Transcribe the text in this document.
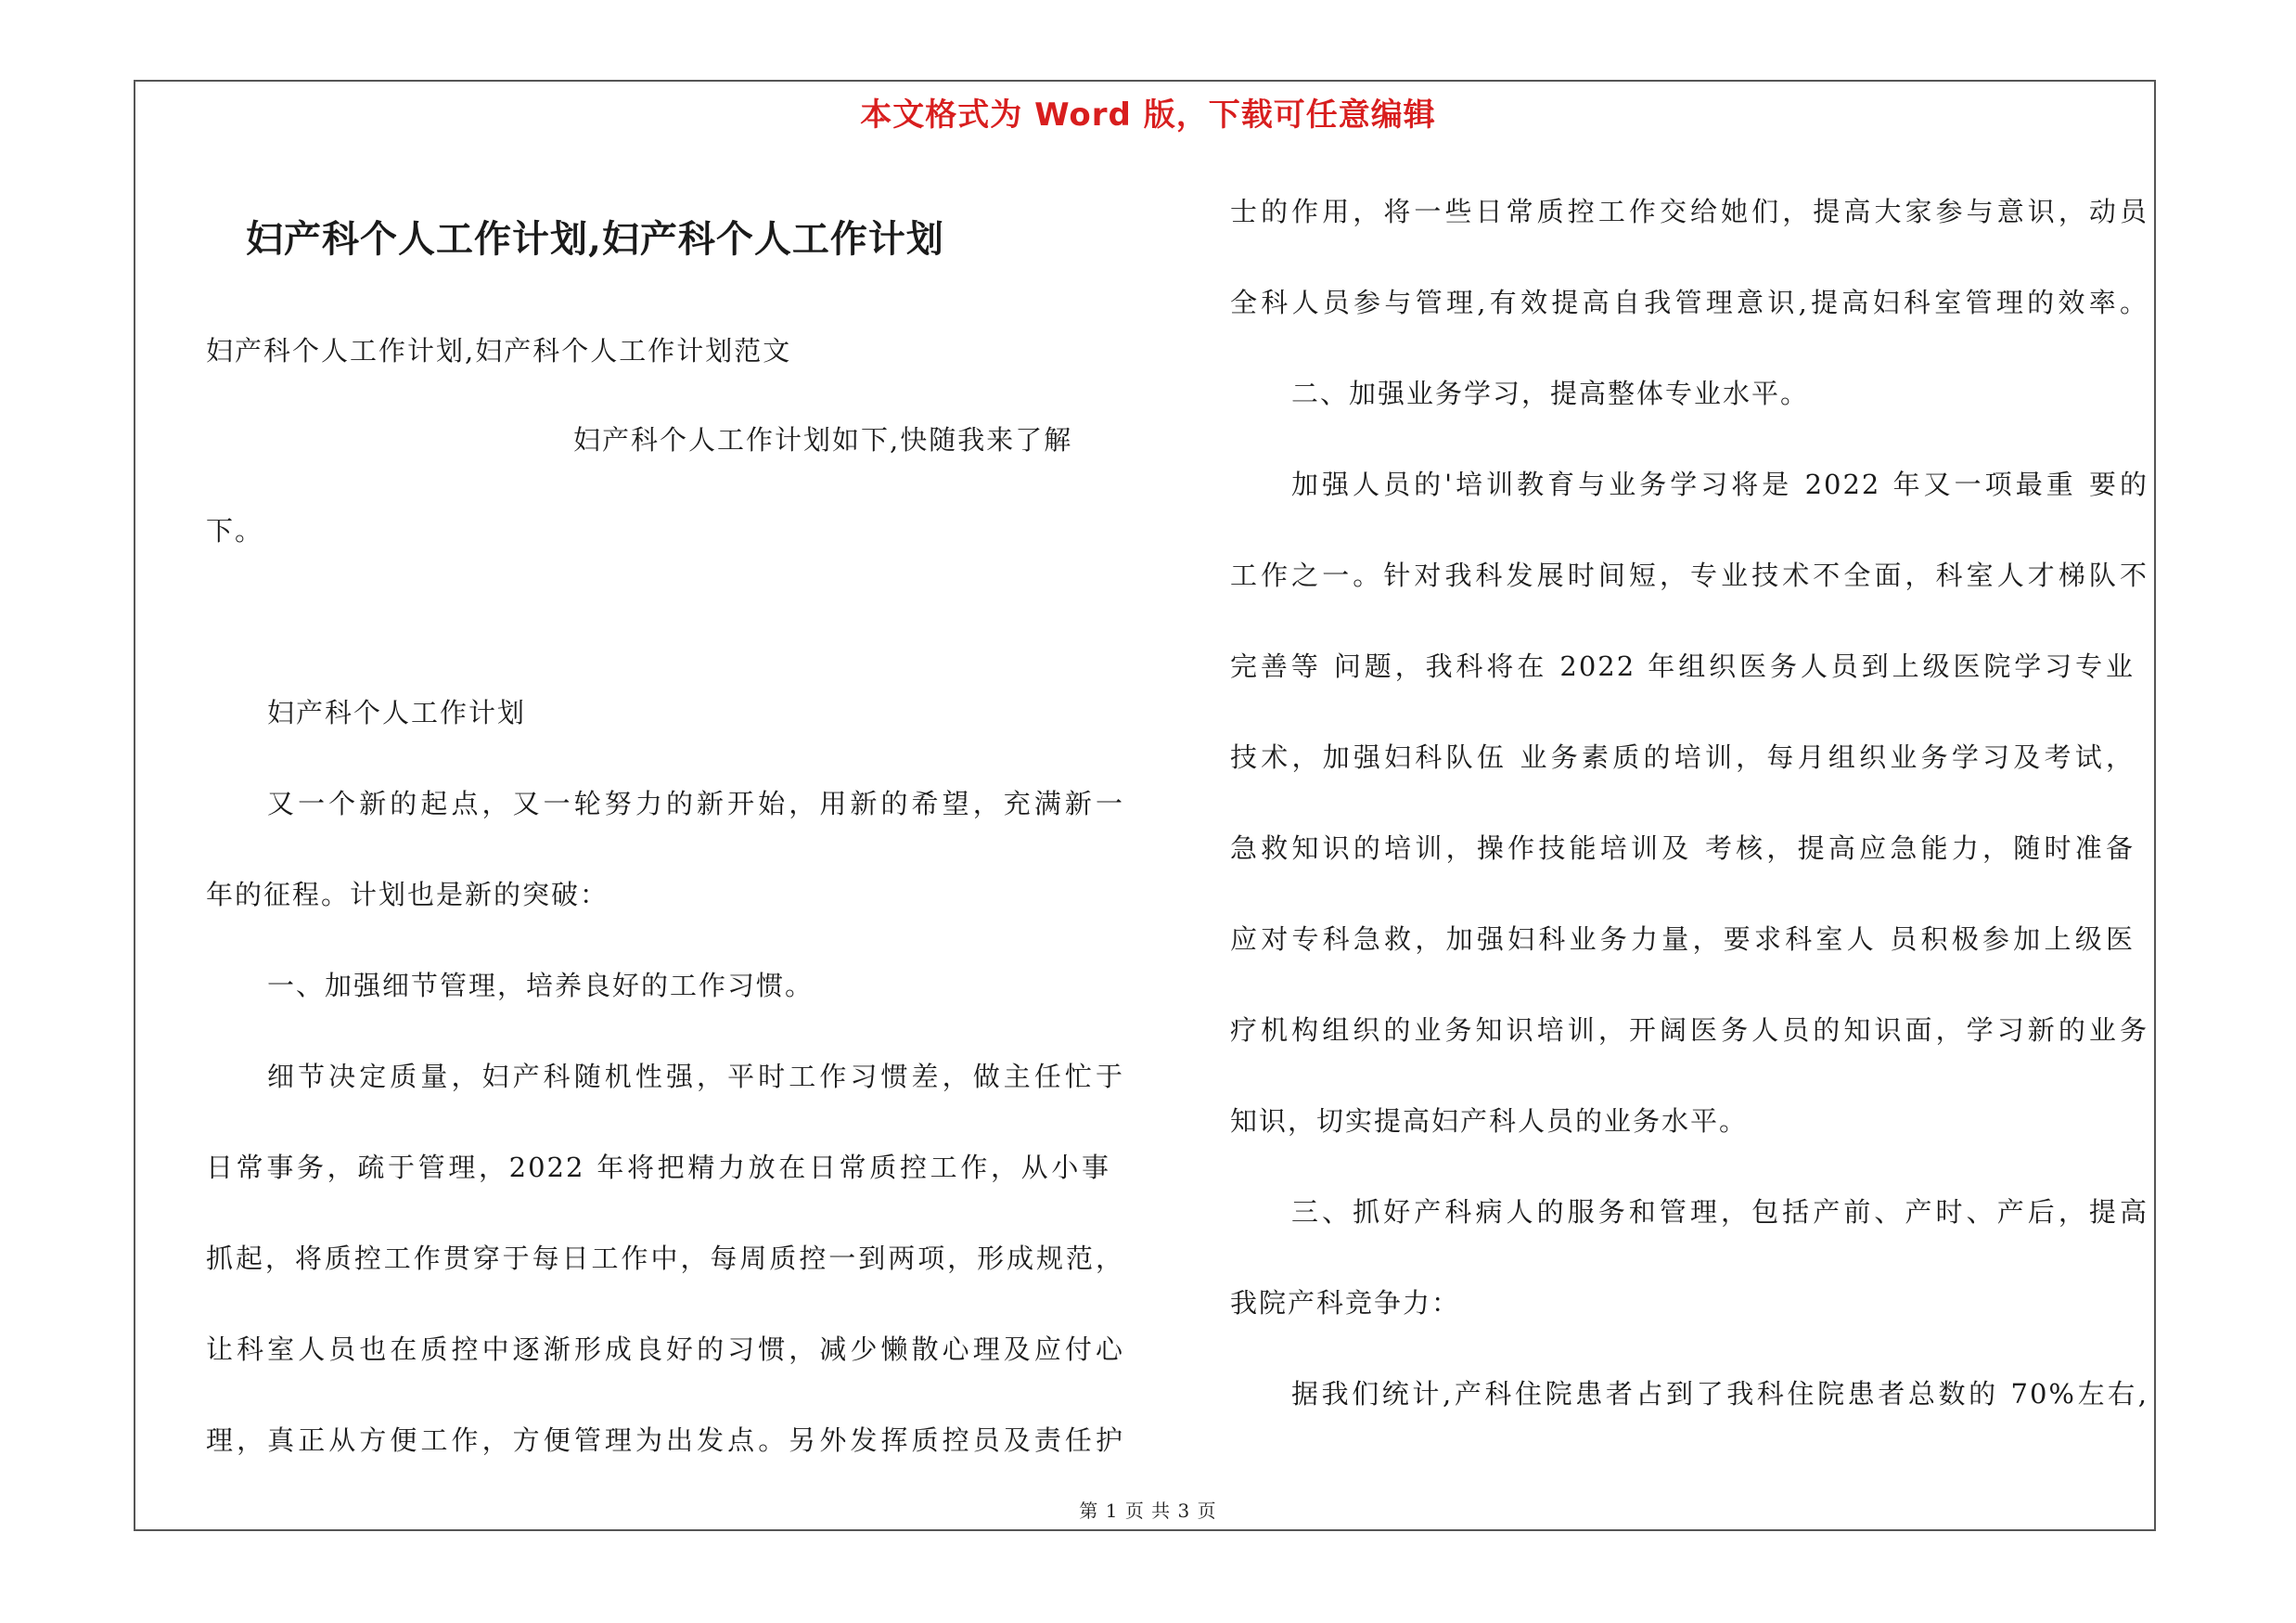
本文格式为 Word 版，下载可任意编辑
妇产科个人工作计划,妇产科个人工作计划
妇产科个人工作计划,妇产科个人工作计划范文
妇产科个人工作计划如下,快随我来了解
下。
妇产科个人工作计划
又一个新的起点，又一轮努力的新开始，用新的希望，充满新一
年的征程。计划也是新的突破：
一、加强细节管理，培养良好的工作习惯。
细节决定质量，妇产科随机性强，平时工作习惯差，做主任忙于
日常事务，疏于管理，2022 年将把精力放在日常质控工作，从小事
抓起，将质控工作贯穿于每日工作中，每周质控一到两项，形成规范，
让科室人员也在质控中逐渐形成良好的习惯，减少懒散心理及应付心
理，真正从方便工作，方便管理为出发点。另外发挥质控员及责任护
士的作用，将一些日常质控工作交给她们，提高大家参与意识，动员
全科人员参与管理,有效提高自我管理意识,提高妇科室管理的效率。
二、加强业务学习，提高整体专业水平。
加强人员的'培训教育与业务学习将是 2022 年又一项最重 要的
工作之一。针对我科发展时间短，专业技术不全面，科室人才梯队不
完善等 问题，我科将在 2022 年组织医务人员到上级医院学习专业
技术，加强妇科队伍 业务素质的培训，每月组织业务学习及考试，
急救知识的培训，操作技能培训及 考核，提高应急能力，随时准备
应对专科急救，加强妇科业务力量，要求科室人 员积极参加上级医
疗机构组织的业务知识培训，开阔医务人员的知识面，学习新的业务
知识，切实提高妇产科人员的业务水平。
三、抓好产科病人的服务和管理，包括产前、产时、产后，提高
我院产科竞争力：
据我们统计,产科住院患者占到了我科住院患者总数的 70%左右,
第 1 页 共 3 页
